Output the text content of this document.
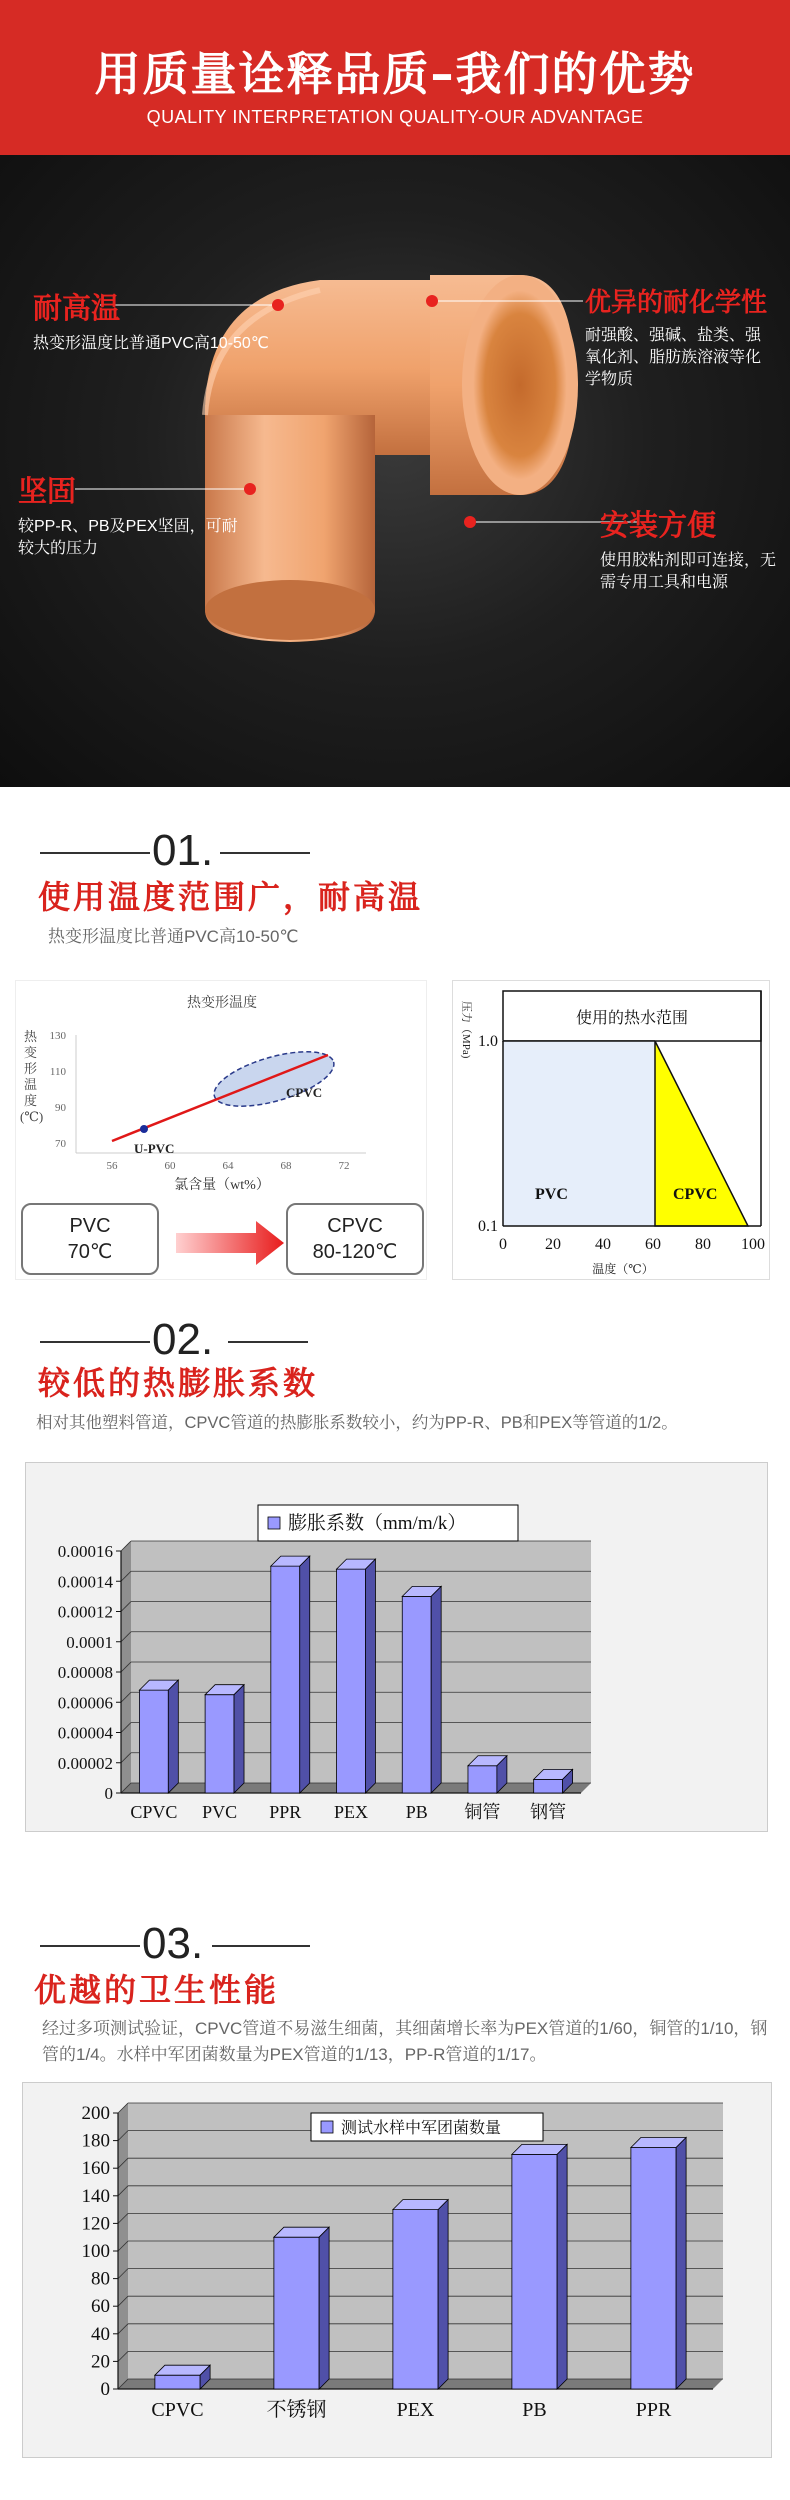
用质量诠释品质–我们的优势
QUALITY INTERPRETATION QUALITY-OUR ADVANTAGE
耐高温
热变形温度比普通PVC高10-50℃
坚固
较PP-R、PB及PEX坚固，可耐较大的压力
优异的耐化学性
耐强酸、强碱、盐类、强氧化剂、脂肪族溶液等化学物质
安装方便
使用胶粘剂即可连接，无需专用工具和电源
01.
使用温度范围广，耐高温
热变形温度比普通PVC高10-50℃
热变形温度
热变形温度(℃)
130
110
90
70
56	60	64	68	72
CPVC
U-PVC
氯含量（wt%）
PVC
70℃
CPVC
80-120℃
使用的热水范围
压力（MPa)
PVC	CPVC
1.0
0.1
0 20 40 60 80 100
温度（℃）
02.
较低的热膨胀系数
相对其他塑料管道，CPVC管道的热膨胀系数较小，约为PP-R、PB和PEX等管道的1/2。
0
0.00002
0.00004
0.00006
0.00008
0.0001
0.00012
0.00014
0.00016
CPVC PVC PPR PEX PB 铜管 钢管
膨胀系数（mm/m/k）
03.
优越的卫生性能
经过多项测试验证，CPVC管道不易滋生细菌，其细菌增长率为PEX管道的1/60，铜管的1/10，钢管的1/4。水样中军团菌数量为PEX管道的1/13，PP-R管道的1/17。
0
20
40
60
80
100
120
140
160
180
200
CPVC	不锈钢	PEX	PB	PPR
测试水样中军团菌数量
